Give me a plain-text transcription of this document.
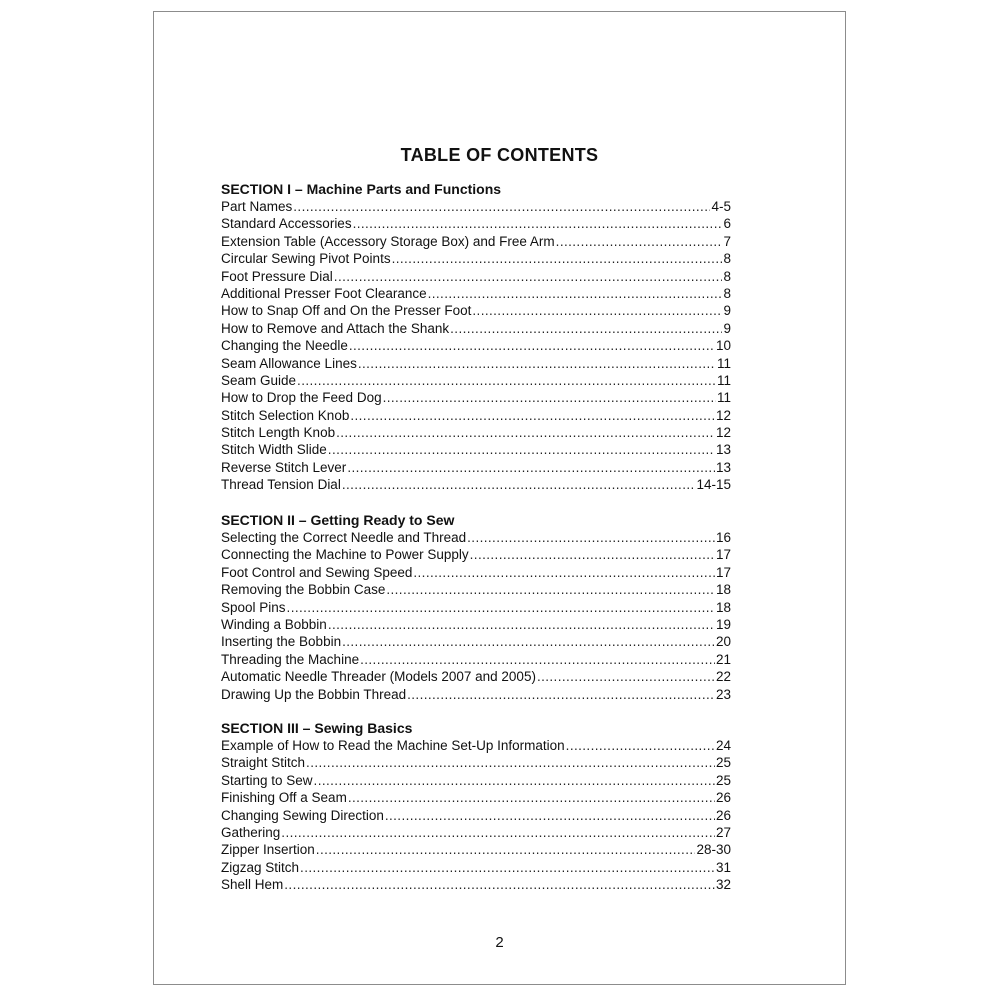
TABLE OF CONTENTS
SECTION I – Machine Parts and Functions
Part Names .....	4-5
Standard Accessories .....	6
Extension Table (Accessory Storage Box) and Free Arm .....	7
Circular Sewing Pivot Points .....	8
Foot Pressure Dial .....	8
Additional Presser Foot Clearance .....	8
How to Snap Off and On the Presser Foot .....	9
How to Remove and Attach the Shank .....	9
Changing the Needle .....	10
Seam Allowance Lines .....	11
Seam Guide .....	11
How to Drop the Feed Dog .....	11
Stitch Selection Knob .....	12
Stitch Length Knob .....	12
Stitch Width Slide .....	13
Reverse Stitch Lever .....	13
Thread Tension Dial .....	14-15
SECTION II – Getting Ready to Sew
Selecting the Correct Needle and Thread .....	16
Connecting the Machine to Power Supply .....	17
Foot Control and Sewing Speed .....	17
Removing the Bobbin Case .....	18
Spool Pins .....	18
Winding a Bobbin .....	19
Inserting the Bobbin .....	20
Threading the Machine .....	21
Automatic Needle Threader (Models 2007 and 2005) .....	22
Drawing Up the Bobbin Thread .....	23
SECTION III – Sewing Basics
Example of How to Read the Machine Set-Up Information .....	24
Straight Stitch .....	25
Starting to Sew .....	25
Finishing Off a Seam .....	26
Changing Sewing Direction .....	26
Gathering .....	27
Zipper Insertion .....	28-30
Zigzag Stitch .....	31
Shell Hem .....	32
2
